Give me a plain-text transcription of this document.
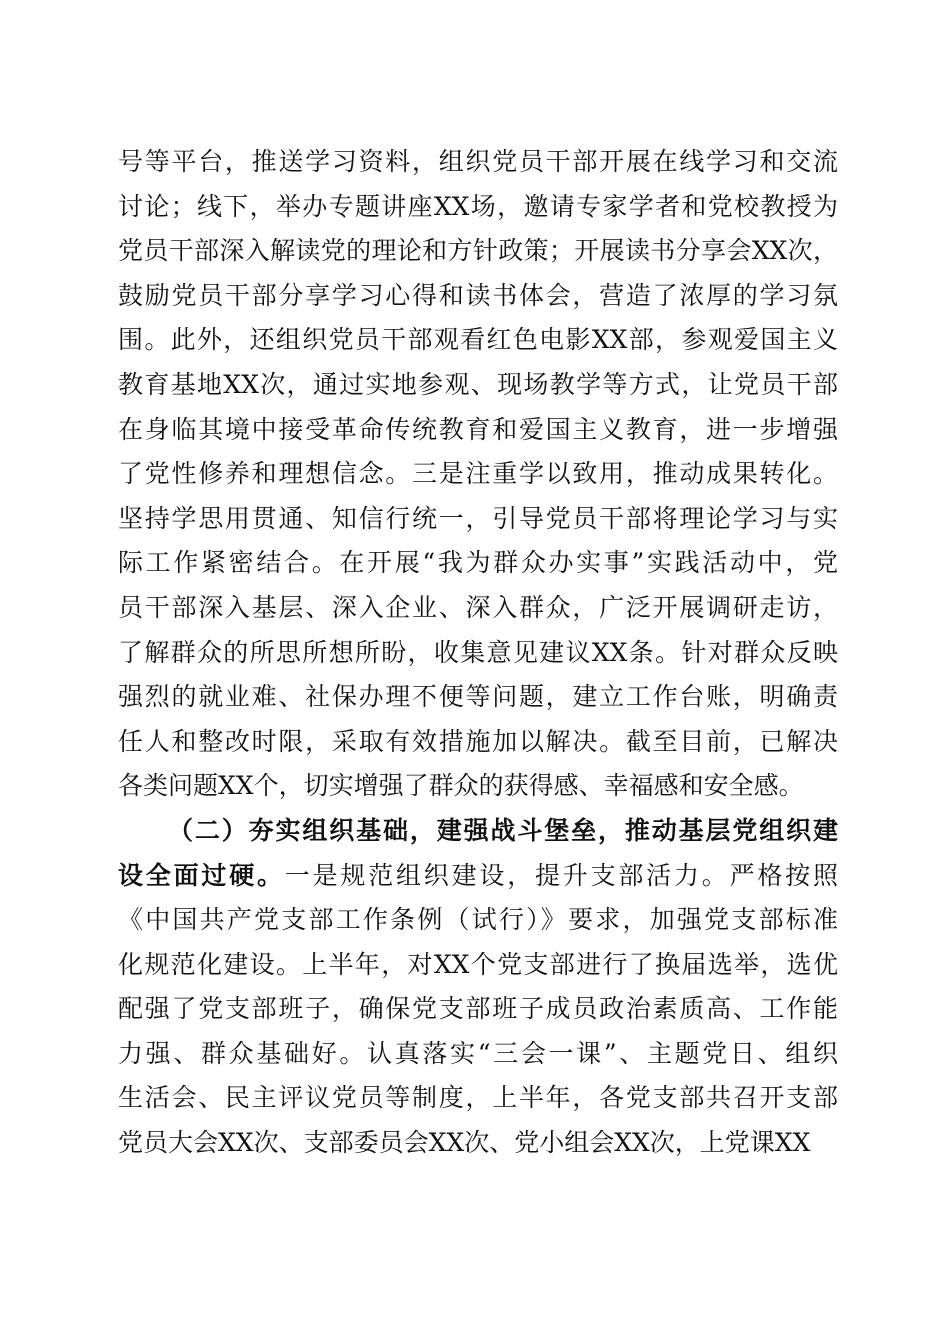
号等平台，推送学习资料，组织党员干部开展在线学习和交流
讨论；线下，举办专题讲座XX场，邀请专家学者和党校教授为
党员干部深入解读党的理论和方针政策；开展读书分享会XX次，
鼓励党员干部分享学习心得和读书体会，营造了浓厚的学习氛
围。此外，还组织党员干部观看红色电影XX部，参观爱国主义
教育基地XX次，通过实地参观、现场教学等方式，让党员干部
在身临其境中接受革命传统教育和爱国主义教育，进一步增强
了党性修养和理想信念。三是注重学以致用，推动成果转化。
坚持学思用贯通、知信行统一，引导党员干部将理论学习与实
际工作紧密结合。在开展“我为群众办实事”实践活动中，党
员干部深入基层、深入企业、深入群众，广泛开展调研走访，
了解群众的所思所想所盼，收集意见建议XX条。针对群众反映
强烈的就业难、社保办理不便等问题，建立工作台账，明确责
任人和整改时限，采取有效措施加以解决。截至目前，已解决
各类问题XX个，切实增强了群众的获得感、幸福感和安全感。
（二）夯实组织基础，建强战斗堡垒，推动基层党组织建
设全面过硬。一是规范组织建设，提升支部活力。严格按照
《中国共产党支部工作条例（试行）》要求，加强党支部标准
化规范化建设。上半年，对XX个党支部进行了换届选举，选优
配强了党支部班子，确保党支部班子成员政治素质高、工作能
力强、群众基础好。认真落实“三会一课”、主题党日、组织
生活会、民主评议党员等制度，上半年，各党支部共召开支部
党员大会XX次、支部委员会XX次、党小组会XX次，上党课XX
